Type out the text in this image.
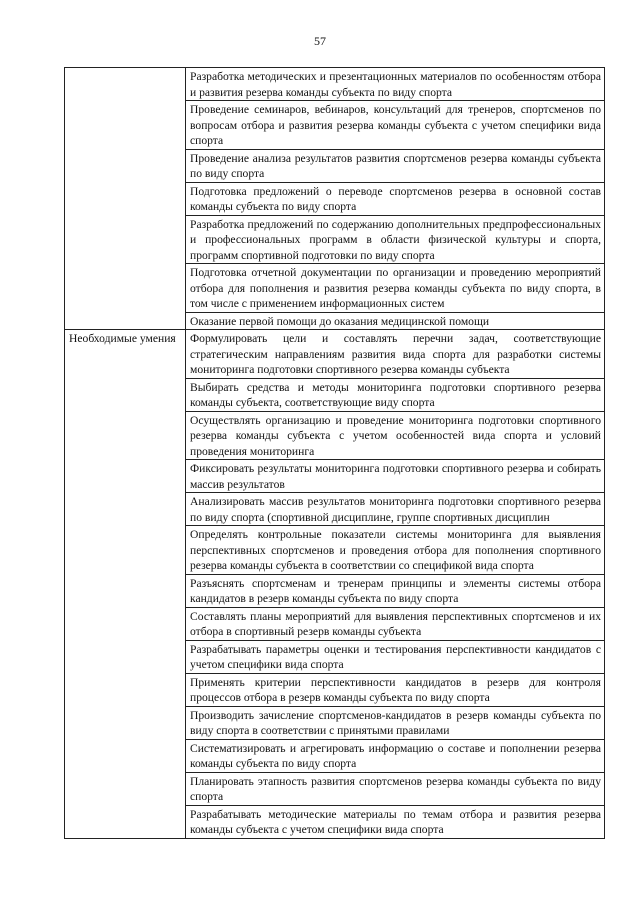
57

	Разработка методических и презентационных материалов по особенностям отбора и развития резерва команды субъекта по виду спорта

	Проведение семинаров, вебинаров, консультаций для тренеров, спортсменов по вопросам отбора и развития резерва команды субъекта с учетом специфики вида спорта

	Проведение анализа результатов развития спортсменов резерва команды субъекта по виду спорта

	Подготовка предложений о переводе спортсменов резерва в основной состав команды субъекта по виду спорта

	Разработка предложений по содержанию дополнительных предпрофессиональных и профессиональных программ в области физической культуры и спорта, программ спортивной подготовки по виду спорта

	Подготовка отчетной документации по организации и проведению мероприятий отбора для пополнения и развития резерва команды субъекта по виду спорта, в том числе с применением информационных систем

	Оказание первой помощи до оказания медицинской помощи

Необходимые умения	Формулировать цели и составлять перечни задач, соответствующие стратегическим направлениям развития вида спорта для разработки системы мониторинга подготовки спортивного резерва команды субъекта

	Выбирать средства и методы мониторинга подготовки спортивного резерва команды субъекта, соответствующие виду спорта

	Осуществлять организацию и проведение мониторинга подготовки спортивного резерва команды субъекта с учетом особенностей вида спорта и условий проведения мониторинга

	Фиксировать результаты мониторинга подготовки спортивного резерва и собирать массив результатов

	Анализировать массив результатов мониторинга подготовки спортивного резерва по виду спорта (спортивной дисциплине, группе спортивных дисциплин

	Определять контрольные показатели системы мониторинга для выявления перспективных спортсменов и проведения отбора для пополнения спортивного резерва команды субъекта в соответствии со спецификой вида спорта

	Разъяснять спортсменам и тренерам принципы и элементы системы отбора кандидатов в резерв команды субъекта по виду спорта

	Составлять планы мероприятий для выявления перспективных спортсменов и их отбора в спортивный резерв команды субъекта

	Разрабатывать параметры оценки и тестирования перспективности кандидатов с учетом специфики вида спорта

	Применять критерии перспективности кандидатов в резерв для контроля процессов отбора в резерв команды субъекта по виду спорта

	Производить зачисление спортсменов-кандидатов в резерв команды субъекта по виду спорта в соответствии с принятыми правилами

	Систематизировать и агрегировать информацию о составе и пополнении резерва команды субъекта по виду спорта

	Планировать этапность развития спортсменов резерва команды субъекта по виду спорта

	Разрабатывать методические материалы по темам отбора и развития резерва команды субъекта с учетом специфики вида спорта
